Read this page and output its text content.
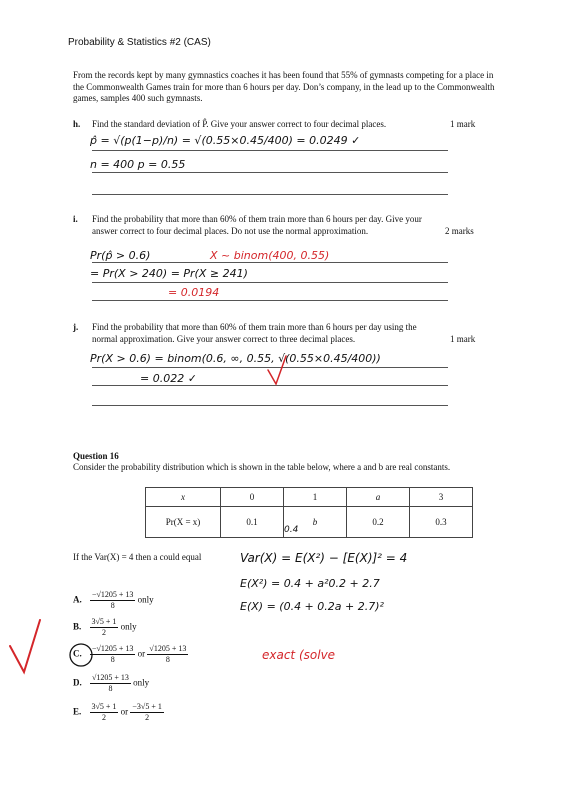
Probability & Statistics #2 (CAS)
From the records kept by many gymnastics coaches it has been found that 55% of gymnasts competing for a place in the Commonwealth Games train for more than 6 hours per day. Don’s company, in the lead up to the Commonwealth games, samples 400 such gymnasts.
h. Find the standard deviation of P̂. Give your answer correct to four decimal places.	1 mark
p̂ = √(p(1−p)/n) = √(0.55×0.45/400) = 0.0249 ✓
n = 400 p = 0.55
i. Find the probability that more than 60% of them train more than 6 hours per day. Give your answer correct to four decimal places. Do not use the normal approximation.	2 marks
Pr(p̂ > 0.6)	X ~ binom(400, 0.55)
= Pr(X > 240) = Pr(X ≥ 241)
= 0.0194
j. Find the probability that more than 60% of them train more than 6 hours per day using the normal approximation. Give your answer correct to three decimal places.	1 mark
Pr(X > 0.6) = binom(0.6, ∞, 0.55, √(0.55×0.45/400))
= 0.022 ✓
Question 16
Consider the probability distribution which is shown in the table below, where a and b are real constants.
x	0	1	a	3
Pr(X = x)	0.1	b	0.2	0.3
0.4
If the Var(X) = 4 then a could equal	Var(X) = E(X²) − [E(X)]² = 4
E(X²) = 0.4 + a²0.2 + 2.7
E(X) = (0.4 + 0.2a + 2.7)²
exact (solve
A. $\frac{-√1205 + 13}{8}$ only
B. $\frac{3√5 + 1}{2}$ only
C. $\frac{-√1205 + 13}{8}$ or $\frac{√1205 + 13}{8}$
D. $\frac{√1205 + 13}{8}$ only
E. $\frac{3√5 + 1}{2}$ or $\frac{-3√5 + 1}{2}$
